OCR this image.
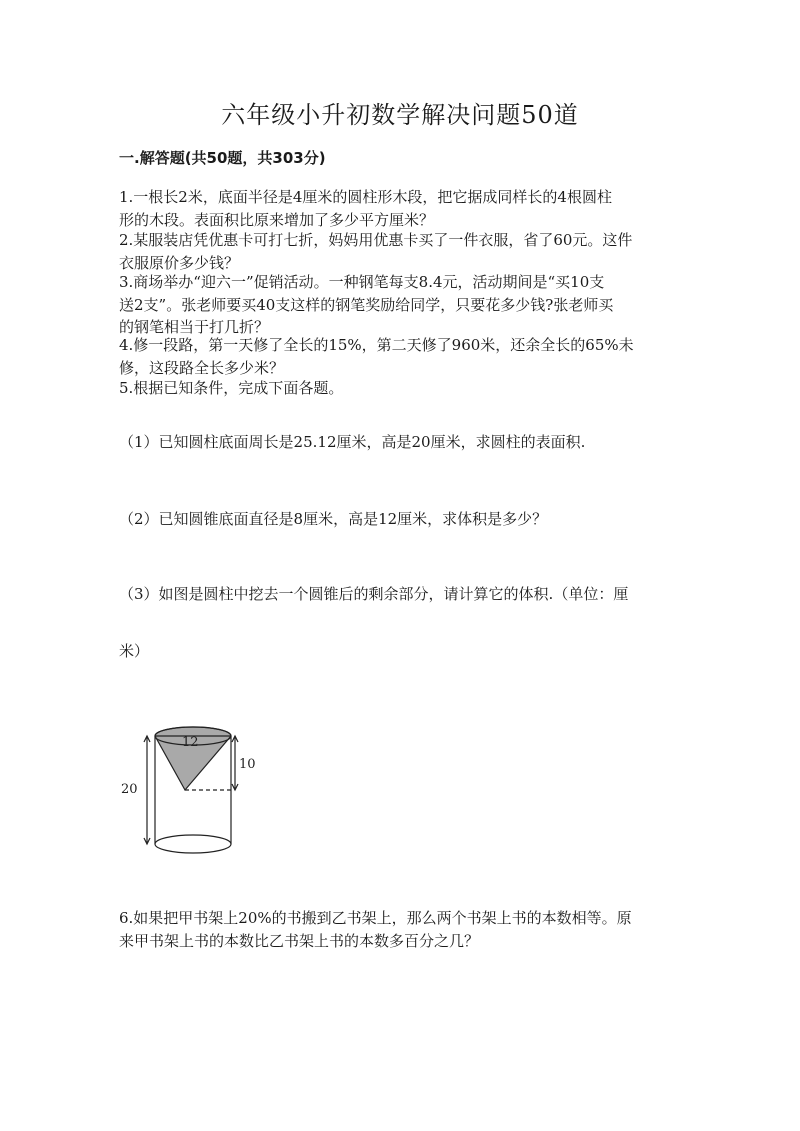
六年级小升初数学解决问题50道
一.解答题(共50题，共303分)
1.一根长2米，底面半径是4厘米的圆柱形木段，把它据成同样长的4根圆柱
形的木段。表面积比原来增加了多少平方厘米？
2.某服装店凭优惠卡可打七折，妈妈用优惠卡买了一件衣服，省了60元。这件
衣服原价多少钱？
3.商场举办“迎六一”促销活动。一种钢笔每支8.4元，活动期间是“买10支
送2支”。张老师要买40支这样的钢笔奖励给同学，只要花多少钱?张老师买
的钢笔相当于打几折？
4.修一段路，第一天修了全长的15%，第二天修了960米，还余全长的65%未
修，这段路全长多少米？
5.根据已知条件，完成下面各题。
（1）已知圆柱底面周长是25.12厘米，高是20厘米，求圆柱的表面积.
（2）已知圆锥底面直径是8厘米，高是12厘米，求体积是多少？
（3）如图是圆柱中挖去一个圆锥后的剩余部分，请计算它的体积.（单位：厘
米）
12
10
20
6.如果把甲书架上20%的书搬到乙书架上，那么两个书架上书的本数相等。原
来甲书架上书的本数比乙书架上书的本数多百分之几？
